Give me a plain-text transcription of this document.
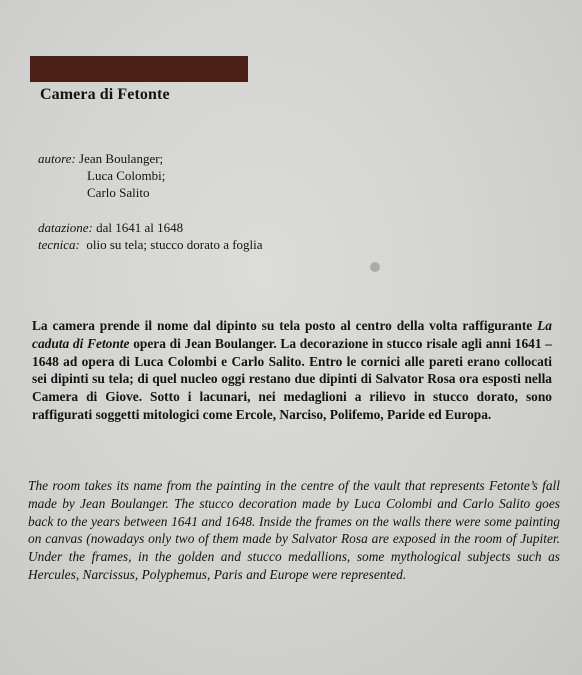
Camera di Fetonte
autore: Jean Boulanger;
Luca Colombi;
Carlo Salito
datazione: dal 1641 al 1648
tecnica: olio su tela; stucco dorato a foglia
La camera prende il nome dal dipinto su tela posto al centro della volta raffigurante La caduta di Fetonte opera di Jean Boulanger. La decorazione in stucco risale agli anni 1641 – 1648 ad opera di Luca Colombi e Carlo Salito. Entro le cornici alle pareti erano collocati sei dipinti su tela; di quel nucleo oggi restano due dipinti di Salvator Rosa ora esposti nella Camera di Giove. Sotto i lacunari, nei medaglioni a rilievo in stucco dorato, sono raffigurati soggetti mitologici come Ercole, Narciso, Polifemo, Paride ed Europa.
The room takes its name from the painting in the centre of the vault that represents Fetonte’s fall made by Jean Boulanger. The stucco decoration made by Luca Colombi and Carlo Salito goes back to the years between 1641 and 1648. Inside the frames on the walls there were some painting on canvas (nowadays only two of them made by Salvator Rosa are exposed in the room of Jupiter. Under the frames, in the golden and stucco medallions, some mythological subjects such as Hercules, Narcissus, Polyphemus, Paris and Europe were represented.
